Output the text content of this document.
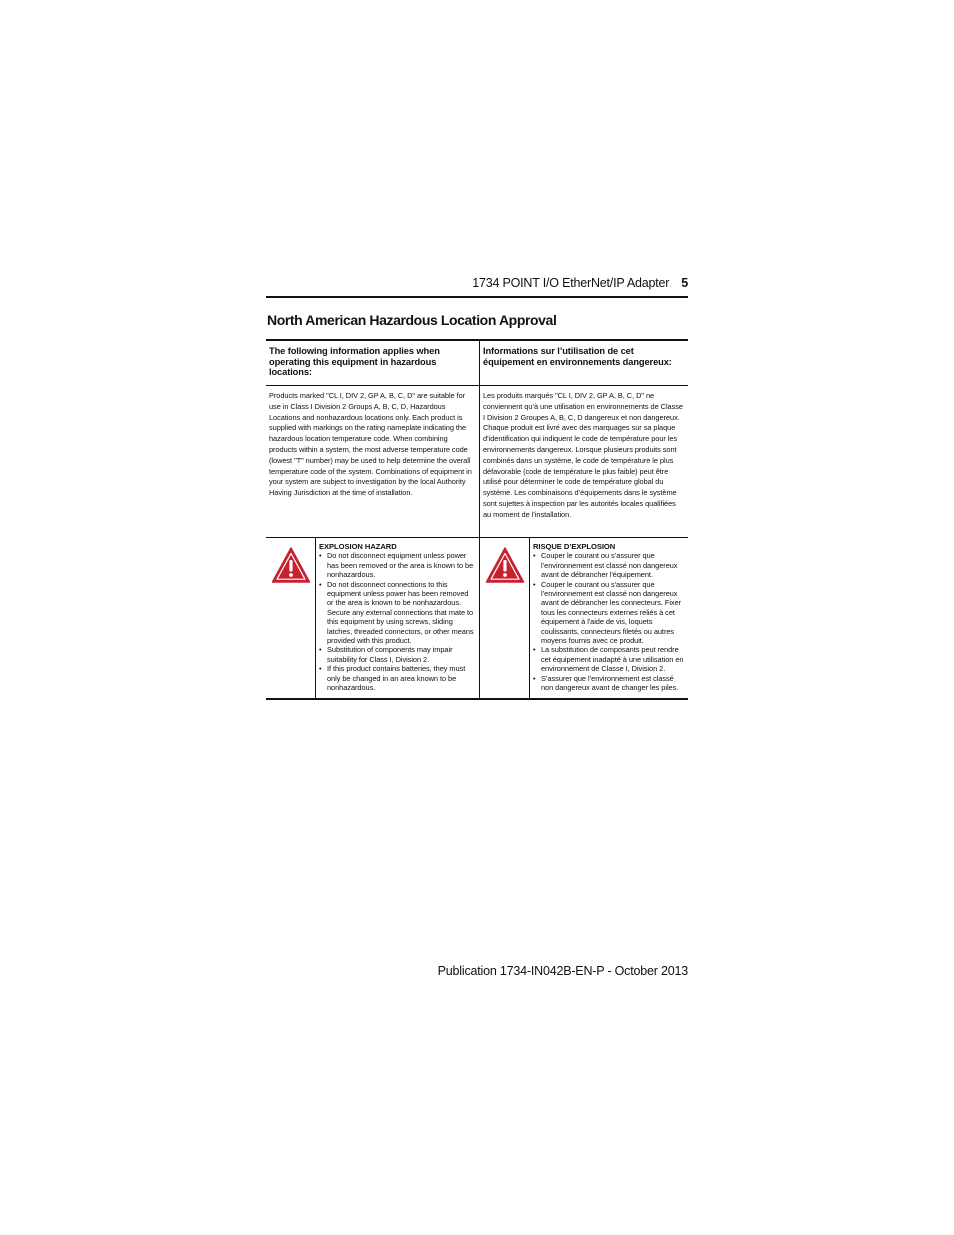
1734 POINT I/O EtherNet/IP Adapter 5
North American Hazardous Location Approval
The following information applies when operating this equipment in hazardous locations:
Informations sur l’utilisation de cet équipement en environnements dangereux:
Products marked "CL I, DIV 2, GP A, B, C, D" are suitable for use in Class I Division 2 Groups A, B, C, D, Hazardous Locations and nonhazardous locations only. Each product is supplied with markings on the rating nameplate indicating the hazardous location temperature code. When combining products within a system, the most adverse temperature code (lowest "T" number) may be used to help determine the overall temperature code of the system. Combinations of equipment in your system are subject to investigation by the local Authority Having Jurisdiction at the time of installation.
Les produits marqués "CL I, DIV 2, GP A, B, C, D" ne conviennent qu’à une utilisation en environnements de Classe I Division 2 Groupes A, B, C, D dangereux et non dangereux. Chaque produit est livré avec des marquages sur sa plaque d’identification qui indiquent le code de température pour les environnements dangereux. Lorsque plusieurs produits sont combinés dans un système, le code de température le plus défavorable (code de température le plus faible) peut être utilisé pour déterminer le code de température global du système. Les combinaisons d’équipements dans le système sont sujettes à inspection par les autorités locales qualifiées au moment de l’installation.
EXPLOSION HAZARD
• Do not disconnect equipment unless power has been removed or the area is known to be nonhazardous.
• Do not disconnect connections to this equipment unless power has been removed or the area is known to be nonhazardous. Secure any external connections that mate to this equipment by using screws, sliding latches, threaded connectors, or other means provided with this product.
• Substitution of components may impair suitability for Class I, Division 2.
• If this product contains batteries, they must only be changed in an area known to be nonhazardous.
RISQUE D’EXPLOSION
• Couper le courant ou s’assurer que l’environnement est classé non dangereux avant de débrancher l'équipement.
• Couper le courant ou s'assurer que l’environnement est classé non dangereux avant de débrancher les connecteurs. Fixer tous les connecteurs externes reliés à cet équipement à l'aide de vis, loquets coulissants, connecteurs filetés ou autres moyens fournis avec ce produit.
• La substitution de composants peut rendre cet équipement inadapté à une utilisation en environnement de Classe I, Division 2.
• S’assurer que l’environnement est classé non dangereux avant de changer les piles.
Publication 1734-IN042B-EN-P - October 2013
